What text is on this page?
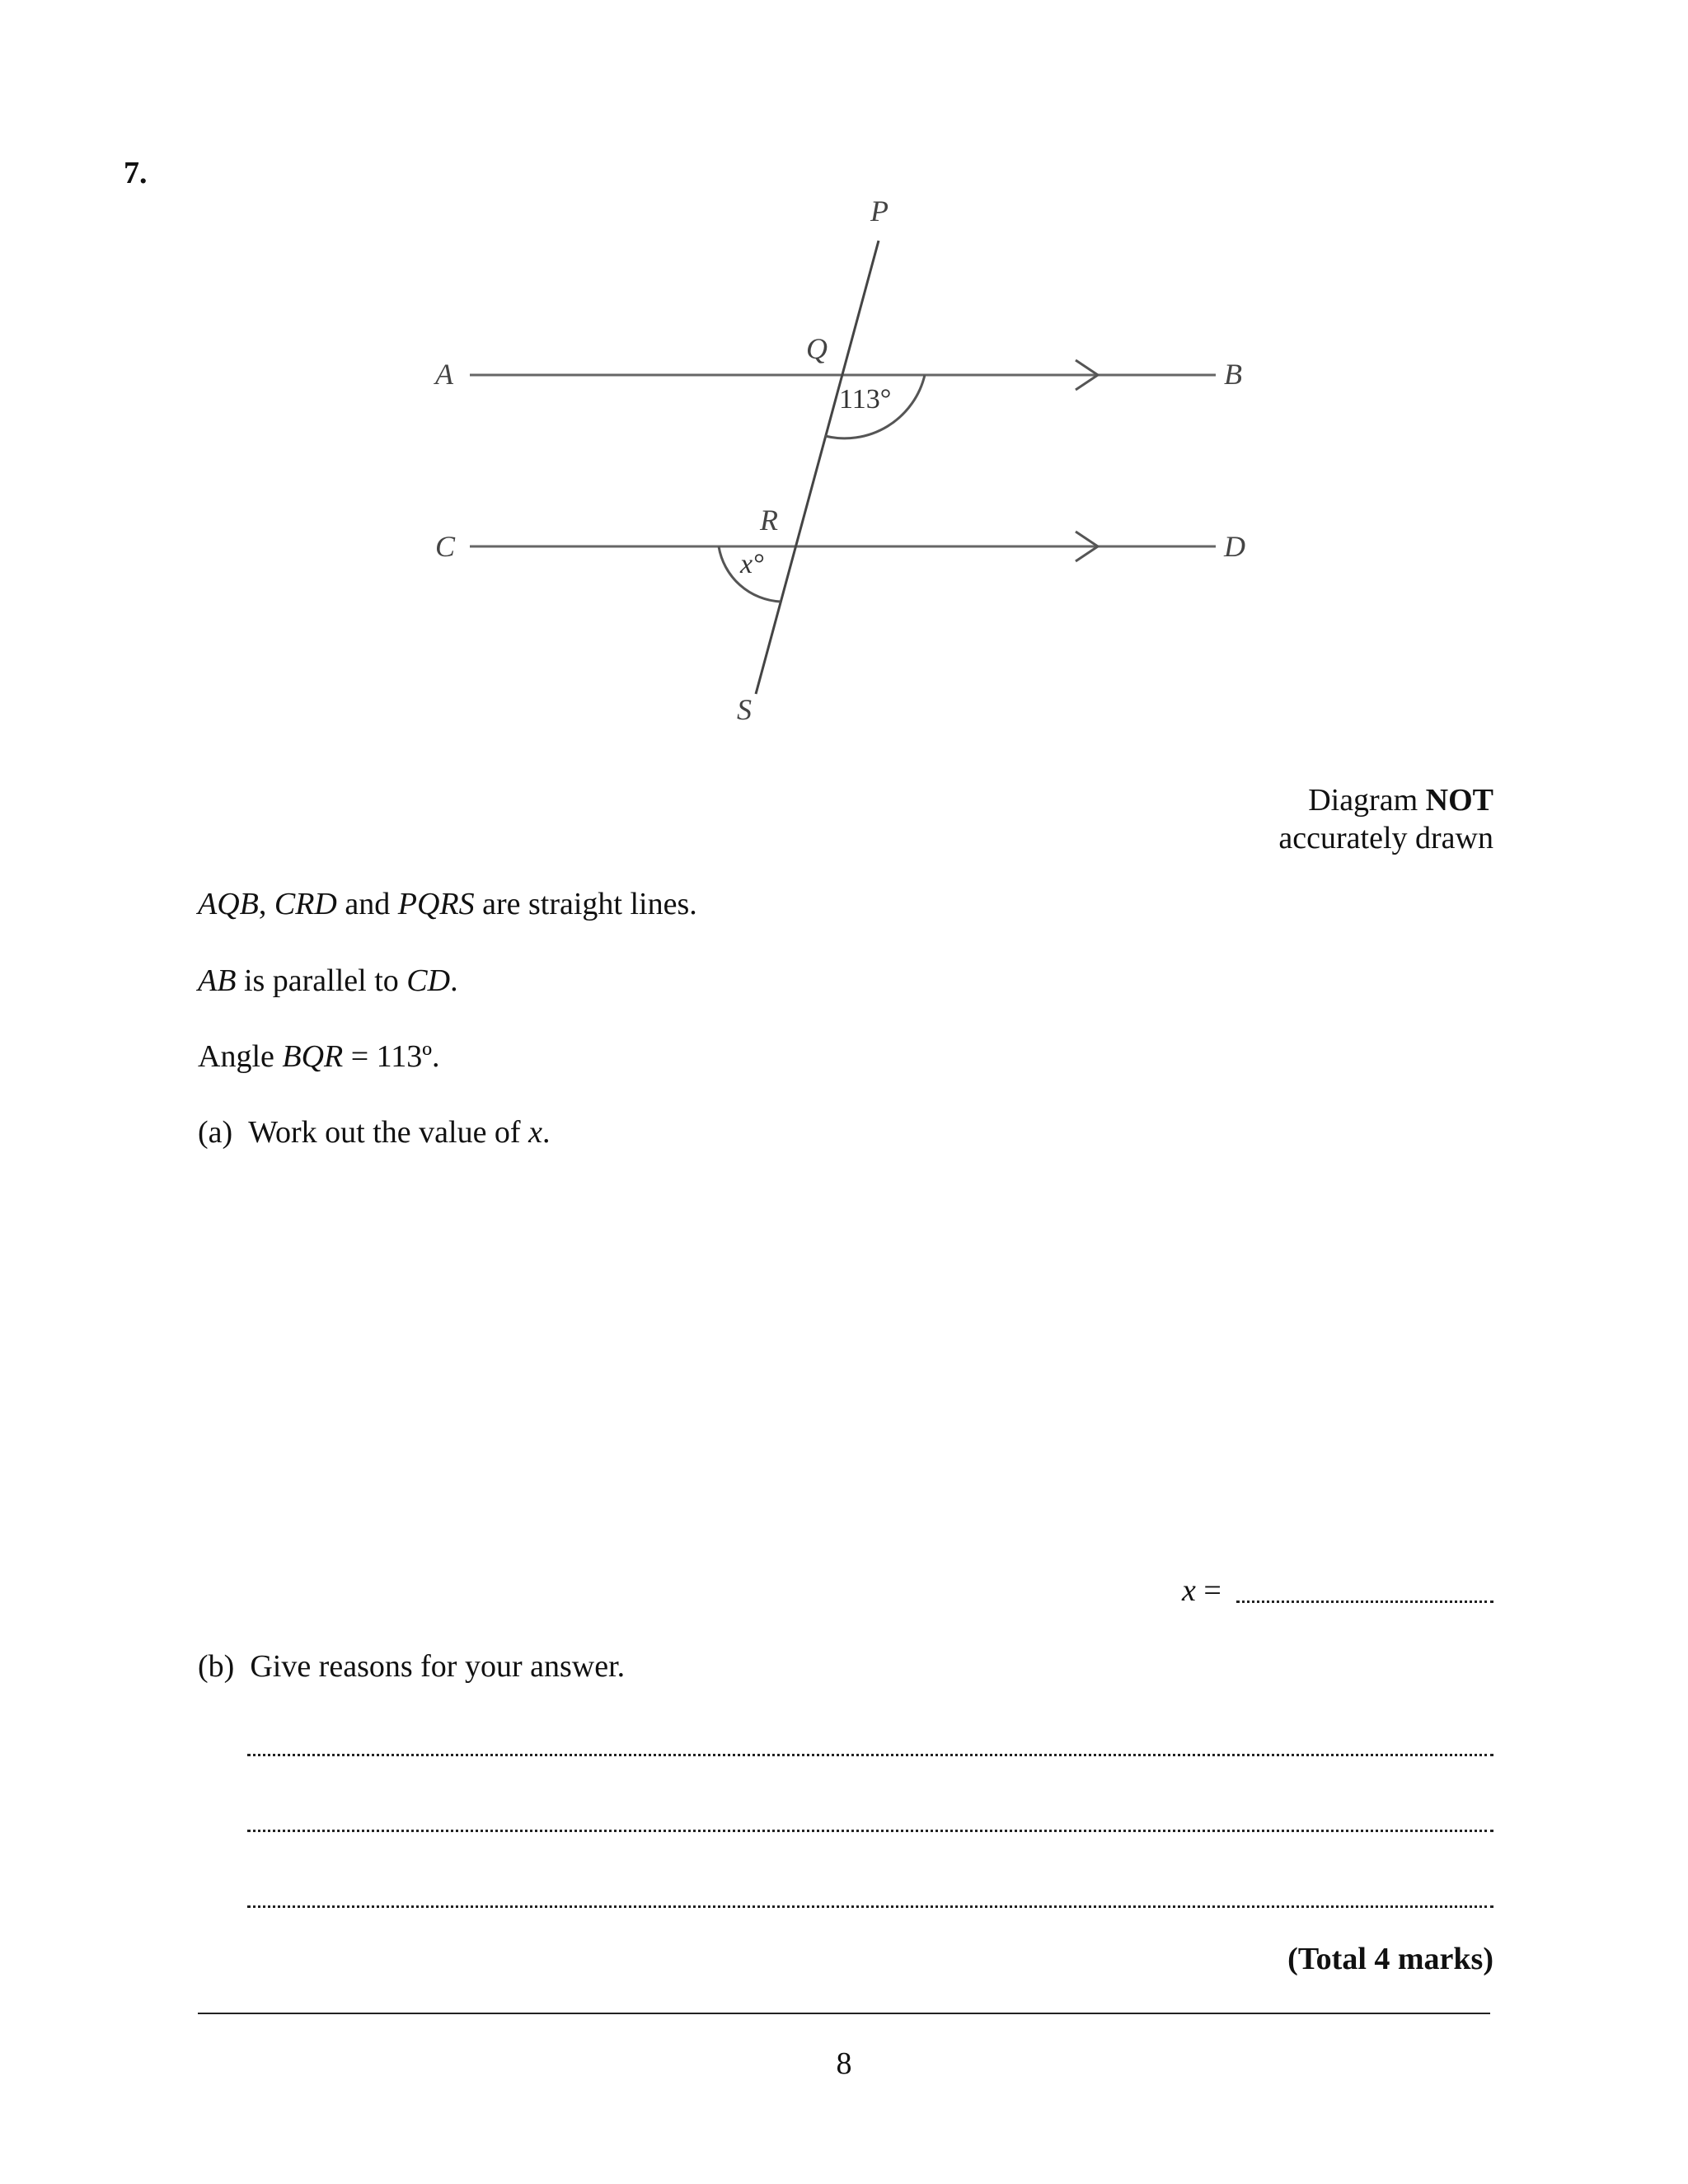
7.
P
Q
R
S
A	B
C	D
113°
x°
Diagram NOT
accurately drawn
AQB, CRD and PQRS are straight lines.
AB is parallel to CD.
Angle BQR = 113º.
(a) Work out the value of x.
x =
(b) Give reasons for your answer.
(Total 4 marks)
8
